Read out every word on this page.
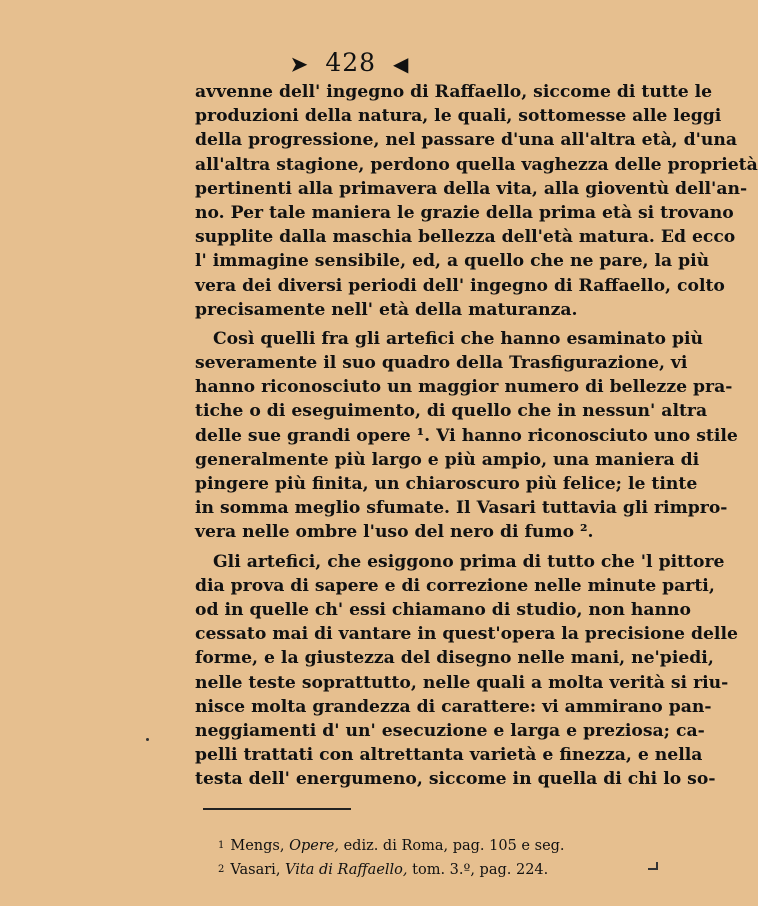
➤ 428 ◀
avvenne dell' ingegno di Raffaello, siccome di tutte le
produzioni della natura, le quali, sottomesse alle leggi
della progressione, nel passare d'una all'altra età, d'una
all'altra stagione, perdono quella vaghezza delle proprietà
pertinenti alla primavera della vita, alla gioventù dell'an-
no. Per tale maniera le grazie della prima età si trovano
supplite dalla maschia bellezza dell'età matura. Ed ecco
l' immagine sensibile, ed, a quello che ne pare, la più
vera dei diversi periodi dell' ingegno di Raffaello, colto
precisamente nell' età della maturanza.
Così quelli fra gli artefici che hanno esaminato più
severamente il suo quadro della Trasfigurazione, vi
hanno riconosciuto un maggior numero di bellezze pra-
tiche o di eseguimento, di quello che in nessun' altra
delle sue grandi opere ¹. Vi hanno riconosciuto uno stile
generalmente più largo e più ampio, una maniera di
pingere più finita, un chiaroscuro più felice; le tinte
in somma meglio sfumate. Il Vasari tuttavia gli rimpro-
vera nelle ombre l'uso del nero di fumo ².
Gli artefici, che esiggono prima di tutto che 'l pittore
dia prova di sapere e di correzione nelle minute parti,
od in quelle ch' essi chiamano di studio, non hanno
cessato mai di vantare in quest'opera la precisione delle
forme, e la giustezza del disegno nelle mani, ne'piedi,
nelle teste soprattutto, nelle quali a molta verità si riu-
nisce molta grandezza di carattere: vi ammirano pan-
neggiamenti d' un' esecuzione e larga e preziosa; ca-
pelli trattati con altrettanta varietà e finezza, e nella
testa dell' energumeno, siccome in quella di chi lo so-
1 Mengs, Opere, ediz. di Roma, pag. 105 e seg.
2 Vasari, Vita di Raffaello, tom. 3.º, pag. 224.
